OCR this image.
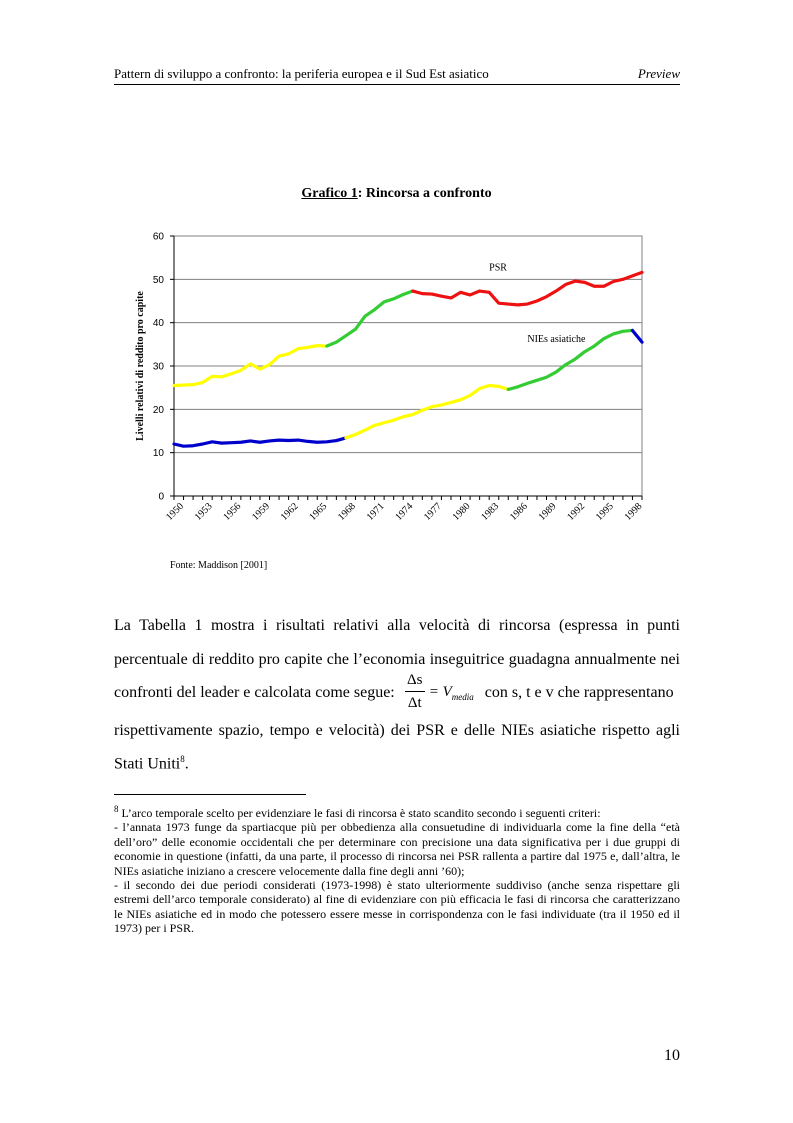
Pattern di sviluppo a confronto: la periferia europea e il Sud Est asiatico	Preview
Grafico 1: Rincorsa a confronto
0
10
20
30
40
50
60
1950 1953 1956 1959 1962 1965 1968 1971 1974 1977 1980 1983 1986 1989 1992 1995 1998
Livelli relativi di reddito pro capite
PSR
NIEs asiatiche
Fonte: Maddison [2001]
La Tabella 1 mostra i risultati relativi alla velocità di rincorsa (espressa in punti
percentuale di reddito pro capite che l’economia inseguitrice guadagna annualmente nei
confronti del leader e calcolata come segue:
Δs
Δt
= $V_{media}$ con s, t e v che rappresentano
rispettivamente spazio, tempo e velocità) dei PSR e delle NIEs asiatiche rispetto agli
Stati Uniti$^8$.

$^8$ L’arco temporale scelto per evidenziare le fasi di rincorsa è stato scandito secondo i seguenti criteri:

- l’annata 1973 funge da spartiacque più per obbedienza alla consuetudine di individuarla come la fine della “età dell’oro” delle economie occidentali che per determinare con precisione una data significativa per i due gruppi di economie in questione (infatti, da una parte, il processo di rincorsa nei PSR rallenta a partire dal 1975 e, dall’altra, le NIEs asiatiche iniziano a crescere velocemente dalla fine degli anni ’60);

- il secondo dei due periodi considerati (1973-1998) è stato ulteriormente suddiviso (anche senza rispettare gli estremi dell’arco temporale considerato) al fine di evidenziare con più efficacia le fasi di rincorsa che caratterizzano le NIEs asiatiche ed in modo che potessero essere messe in corrispondenza con le fasi individuate (tra il 1950 ed il 1973) per i PSR.

10
